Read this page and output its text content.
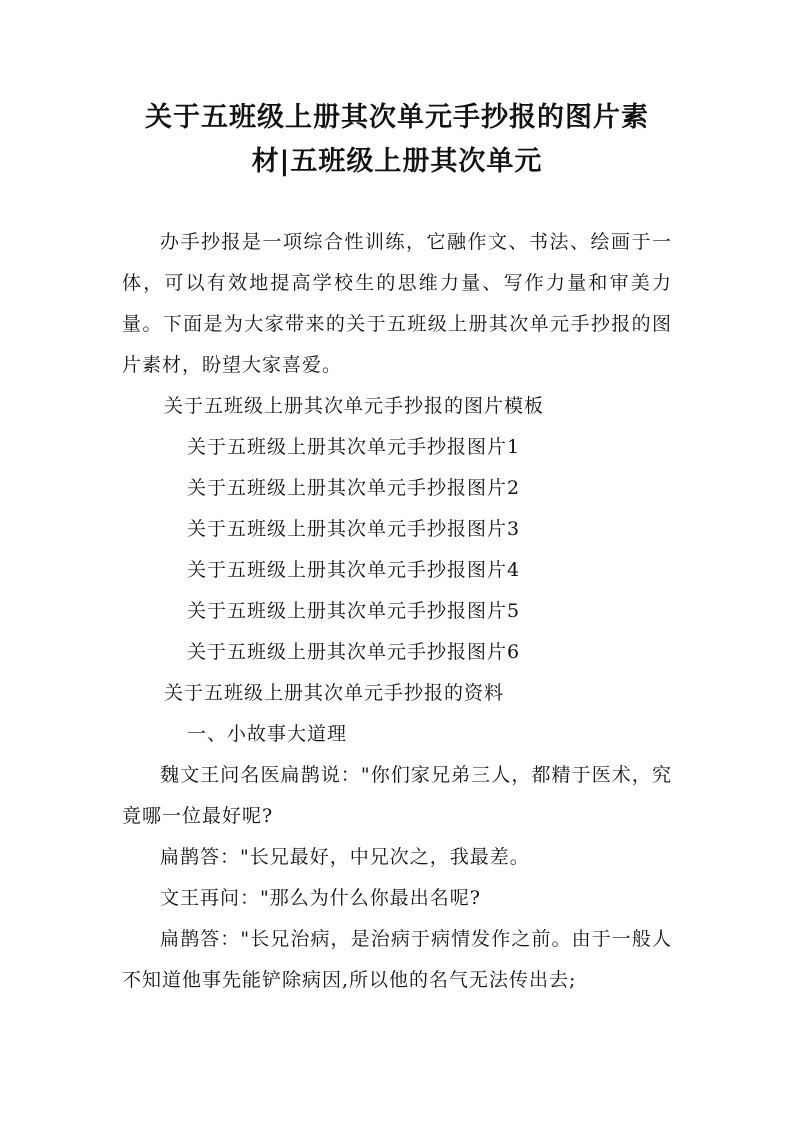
关于五班级上册其次单元手抄报的图片素
材|五班级上册其次单元

办手抄报是一项综合性训练，它融作文、书法、绘画于一体，可以有效地提高学校生的思维力量、写作力量和审美力量。下面是为大家带来的关于五班级上册其次单元手抄报的图片素材，盼望大家喜爱。

关于五班级上册其次单元手抄报的图片模板

关于五班级上册其次单元手抄报图片1

关于五班级上册其次单元手抄报图片2

关于五班级上册其次单元手抄报图片3

关于五班级上册其次单元手抄报图片4

关于五班级上册其次单元手抄报图片5

关于五班级上册其次单元手抄报图片6

关于五班级上册其次单元手抄报的资料

一、小故事大道理

魏文王问名医扁鹊说："你们家兄弟三人，都精于医术，究竟哪一位最好呢?

扁鹊答："长兄最好，中兄次之，我最差。

文王再问："那么为什么你最出名呢?

扁鹊答："长兄治病，是治病于病情发作之前。由于一般人不知道他事先能铲除病因,所以他的名气无法传出去;
